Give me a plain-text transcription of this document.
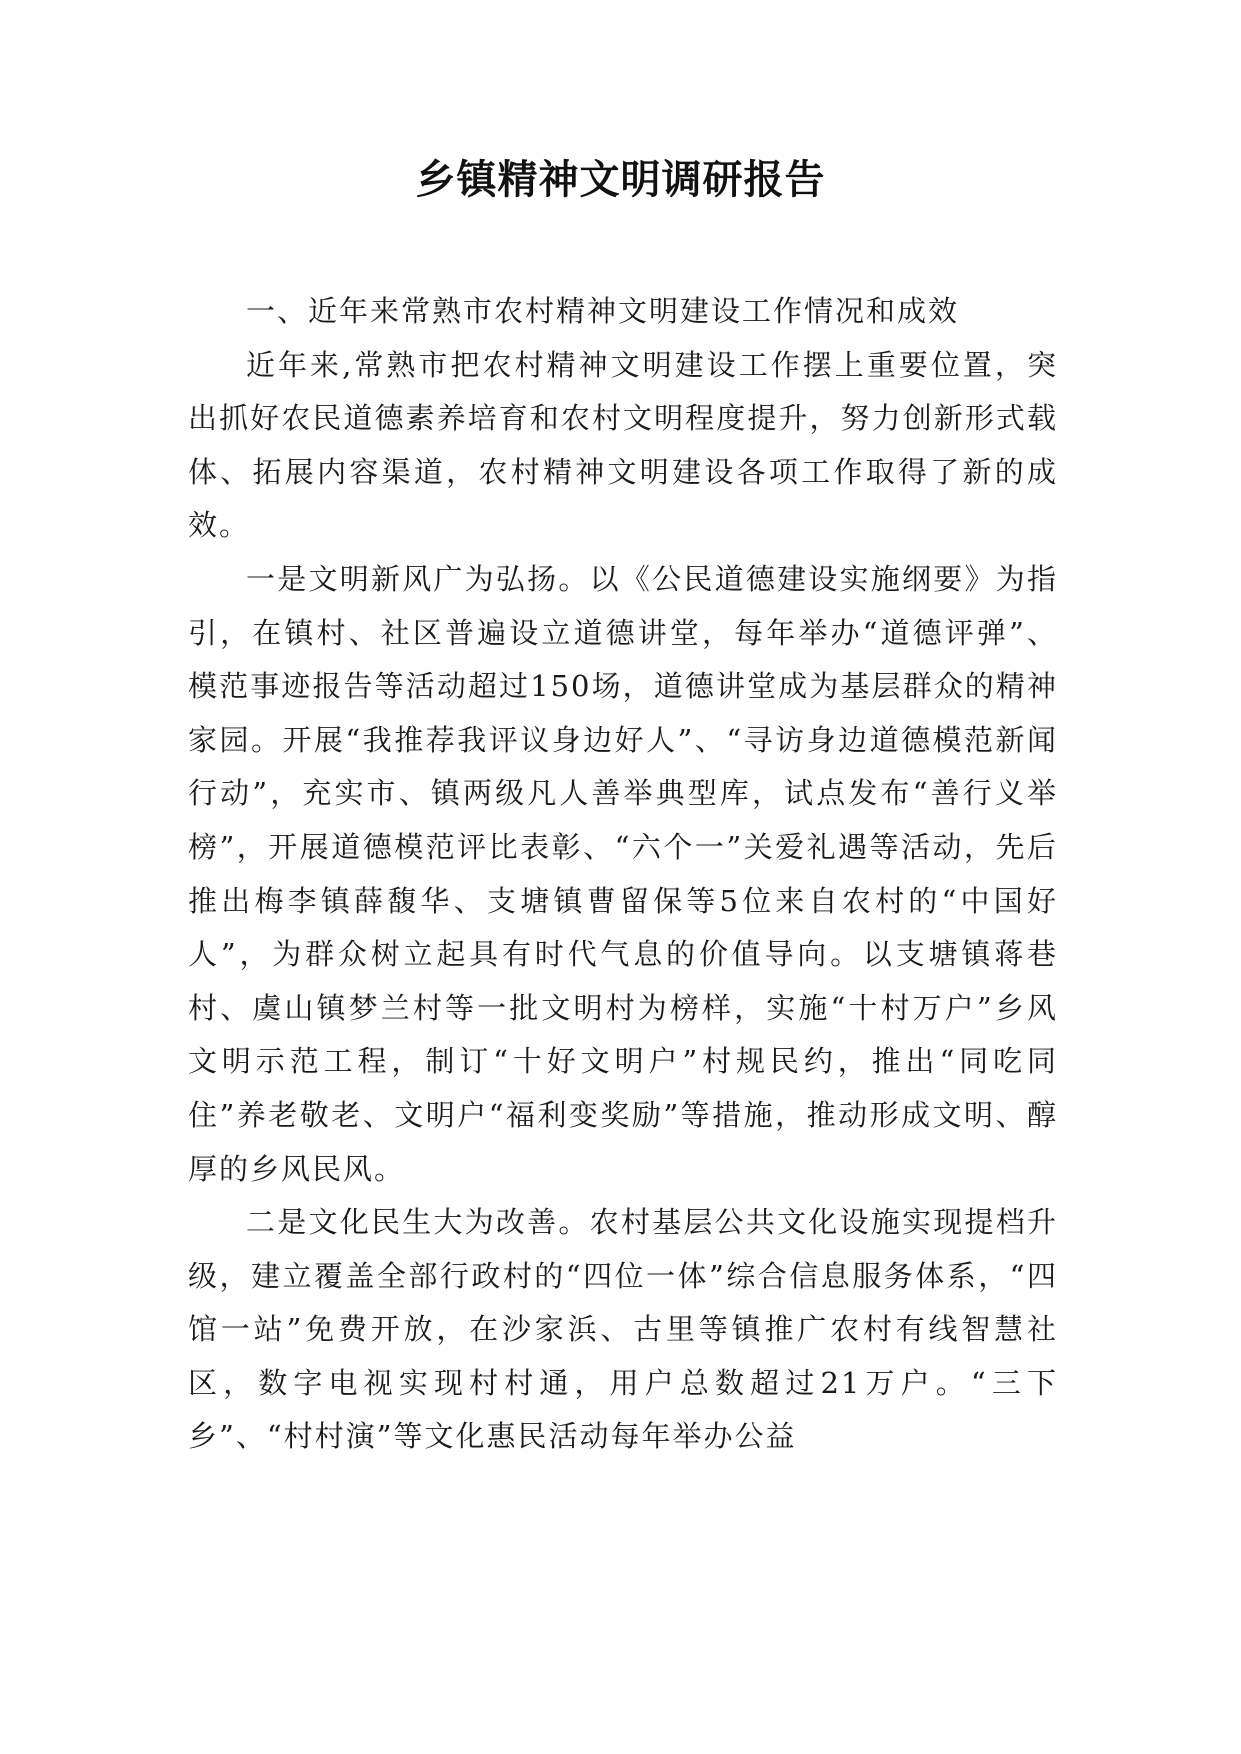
乡镇精神文明调研报告

一、近年来常熟市农村精神文明建设工作情况和成效

近年来,常熟市把农村精神文明建设工作摆上重要位置，突出抓好农民道德素养培育和农村文明程度提升，努力创新形式载体、拓展内容渠道，农村精神文明建设各项工作取得了新的成效。

一是文明新风广为弘扬。以《公民道德建设实施纲要》为指引，在镇村、社区普遍设立道德讲堂，每年举办“道德评弹”、模范事迹报告等活动超过150场，道德讲堂成为基层群众的精神家园。开展“我推荐我评议身边好人”、“寻访身边道德模范新闻行动”，充实市、镇两级凡人善举典型库，试点发布“善行义举榜”，开展道德模范评比表彰、“六个一”关爱礼遇等活动，先后推出梅李镇薛馥华、支塘镇曹留保等5位来自农村的“中国好人”，为群众树立起具有时代气息的价值导向。以支塘镇蒋巷村、虞山镇梦兰村等一批文明村为榜样，实施“十村万户”乡风文明示范工程，制订“十好文明户”村规民约，推出“同吃同住”养老敬老、文明户“福利变奖励”等措施，推动形成文明、醇厚的乡风民风。

二是文化民生大为改善。农村基层公共文化设施实现提档升级，建立覆盖全部行政村的“四位一体”综合信息服务体系，“四馆一站”免费开放，在沙家浜、古里等镇推广农村有线智慧社区，数字电视实现村村通，用户总数超过21万户。“三下乡”、“村村演”等文化惠民活动每年举办公益
